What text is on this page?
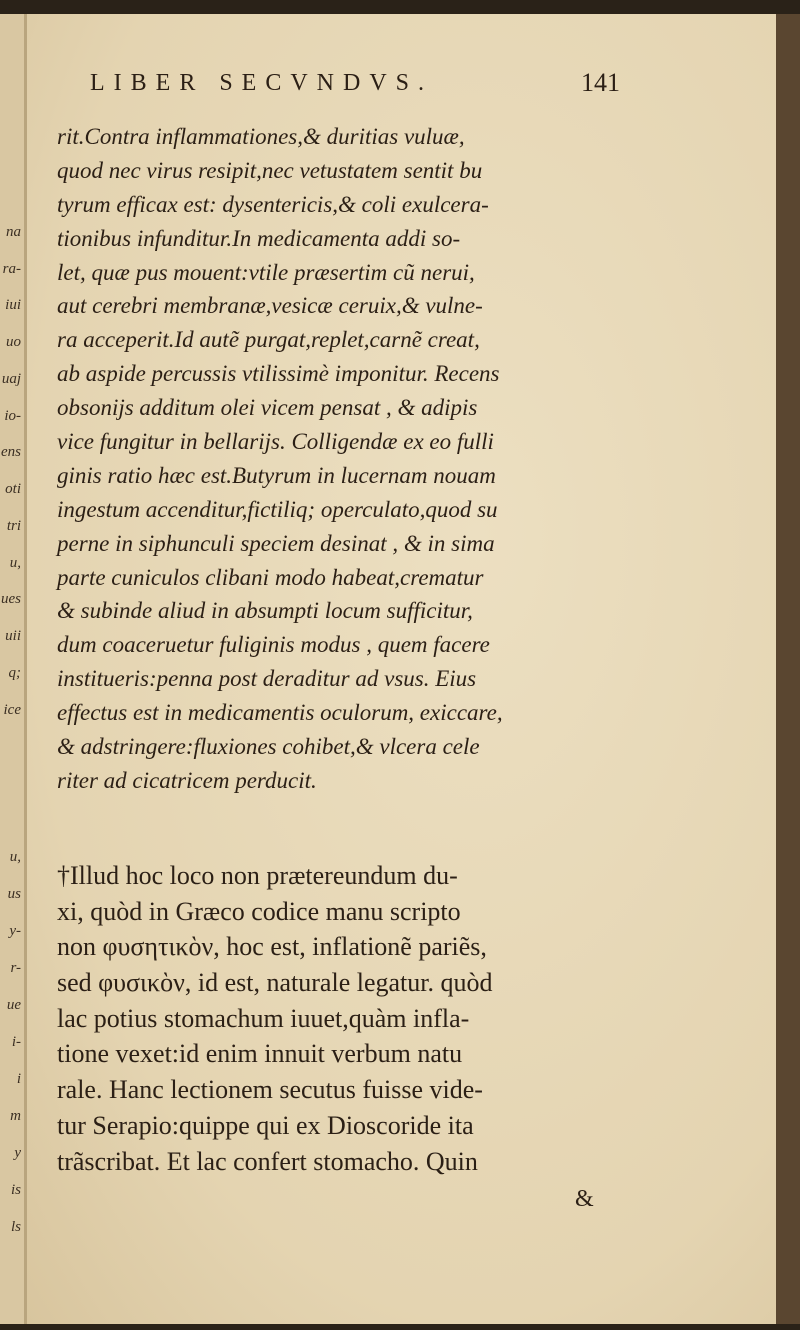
na
ra-
iui
uo
uaj
io-
ens
oti
tri
u,
ues
uii
q;
ice
u,
us
y-
r-
ue
i-
i
m
y
is
ls
LIBER SECVNDVS.	141
rit.Contra inflammationes,& duritias vuluæ,
quod nec virus resipit,nec vetustatem sentit bu
tyrum efficax est: dysentericis,& coli exulcera-
tionibus infunditur.In medicamenta addi so-
let, quæ pus mouent:vtile præsertim cũ nerui,
aut cerebri membranæ,vesicæ ceruix,& vulne-
ra acceperit.Id autẽ purgat,replet,carnẽ creat,
ab aspide percussis vtilissimè imponitur. Recens
obsonijs additum olei vicem pensat , & adipis
vice fungitur in bellarijs. Colligendæ ex eo fulli
ginis ratio hæc est.Butyrum in lucernam nouam
ingestum accenditur,fictiliq; operculato,quod su
perne in siphunculi speciem desinat , & in sima
parte cuniculos clibani modo habeat,crematur
& subinde aliud in absumpti locum sufficitur,
dum coaceruetur fuliginis modus , quem facere
institueris:penna post deraditur ad vsus. Eius
effectus est in medicamentis oculorum, exiccare,
& adstringere:fluxiones cohibet,& vlcera cele
riter ad cicatricem perducit.
†Illud hoc loco non prætereundum du-
xi, quòd in Græco codice manu scripto
non φυσητικὸν, hoc est, inflationẽ pariẽs,
sed φυσικὸν, id est, naturale legatur. quòd
lac potius stomachum iuuet,quàm infla-
tione vexet:id enim innuit verbum natu
rale. Hanc lectionem secutus fuisse vide-
tur Serapio:quippe qui ex Dioscoride ita
trãscribat. Et lac confert stomacho. Quin
&
